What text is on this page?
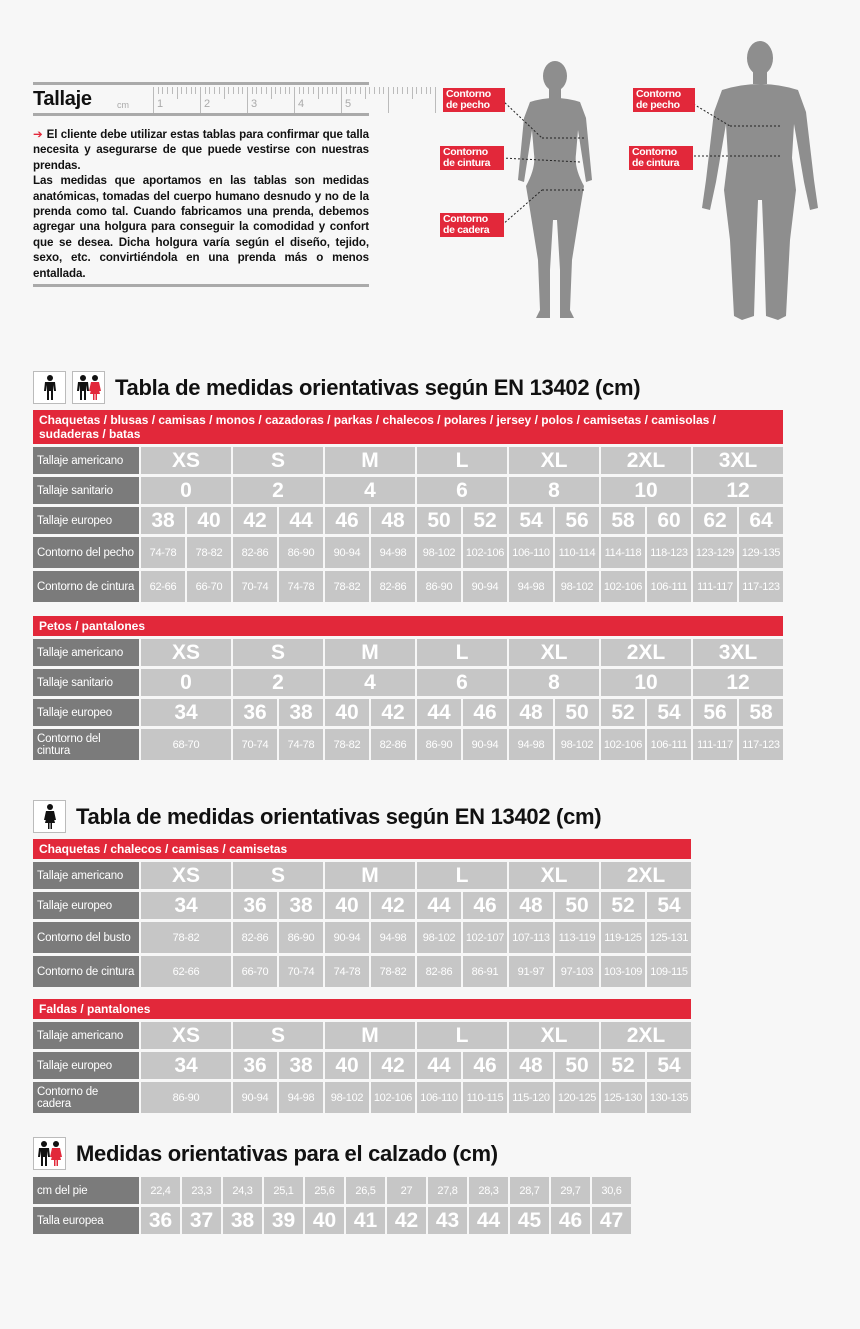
Tallaje	cm	1	2	3	4	5

➔ El cliente debe utilizar estas tablas para confirmar que talla necesita y asegurarse de que puede vestirse con nuestras prendas.

Las medidas que aportamos en las tablas son medidas anatómicas, tomadas del cuerpo humano desnudo y no de la prenda como tal. Cuando fabricamos una prenda, debemos agregar una holgura para conseguir la comodidad y confort que se desea. Dicha holgura varía según el diseño, tejido, sexo, etc. convirtiéndola en una prenda más o menos entallada.

Contorno de pecho
Contorno de cintura
Contorno de cadera
Contorno de pecho
Contorno de cintura
Tabla de medidas orientativas según EN 13402 (cm)
Chaquetas / blusas / camisas / monos / cazadoras / parkas / chalecos / polares / jersey / polos / camisetas / camisolas / sudaderas / batas														
Tallaje americano	XS		S		M		L		XL		2XL		3XL	
Tallaje sanitario	0		2		4		6		8		10		12	
Tallaje europeo	38	40	42	44	46	48	50	52	54	56	58	60	62	64
Contorno del pecho	74-78	78-82	82-86	86-90	90-94	94-98	98-102	102-106	106-110	110-114	114-118	118-123	123-129	129-135
Contorno de cintura	62-66	66-70	70-74	74-78	78-82	82-86	86-90	90-94	94-98	98-102	102-106	106-111	111-117	117-123
Petos / pantalones													
Tallaje americano	XS	S		M		L		XL		2XL		3XL	
Tallaje sanitario	0	2		4		6		8		10		12	
Tallaje europeo	34	36	38	40	42	44	46	48	50	52	54	56	58
Contorno del cintura	68-70	70-74	74-78	78-82	82-86	86-90	90-94	94-98	98-102	102-106	106-111	111-117	117-123
Tabla de medidas orientativas según EN 13402 (cm)
Chaquetas / chalecos / camisas / camisetas											
Tallaje americano	XS	S		M		L		XL		2XL	
Tallaje europeo	34	36	38	40	42	44	46	48	50	52	54
Contorno del busto	78-82	82-86	86-90	90-94	94-98	98-102	102-107	107-113	113-119	119-125	125-131
Contorno de cintura	62-66	66-70	70-74	74-78	78-82	82-86	86-91	91-97	97-103	103-109	109-115
Faldas / pantalones											
Tallaje americano	XS	S		M		L		XL		2XL	
Tallaje europeo	34	36	38	40	42	44	46	48	50	52	54
Contorno de cadera	86-90	90-94	94-98	98-102	102-106	106-110	110-115	115-120	120-125	125-130	130-135
Medidas orientativas para el calzado (cm)
cm del pie	22,4	23,3	24,3	25,1	25,6	26,5	27	27,8	28,3	28,7	29,7	30,6
Talla europea	36	37	38	39	40	41	42	43	44	45	46	47
